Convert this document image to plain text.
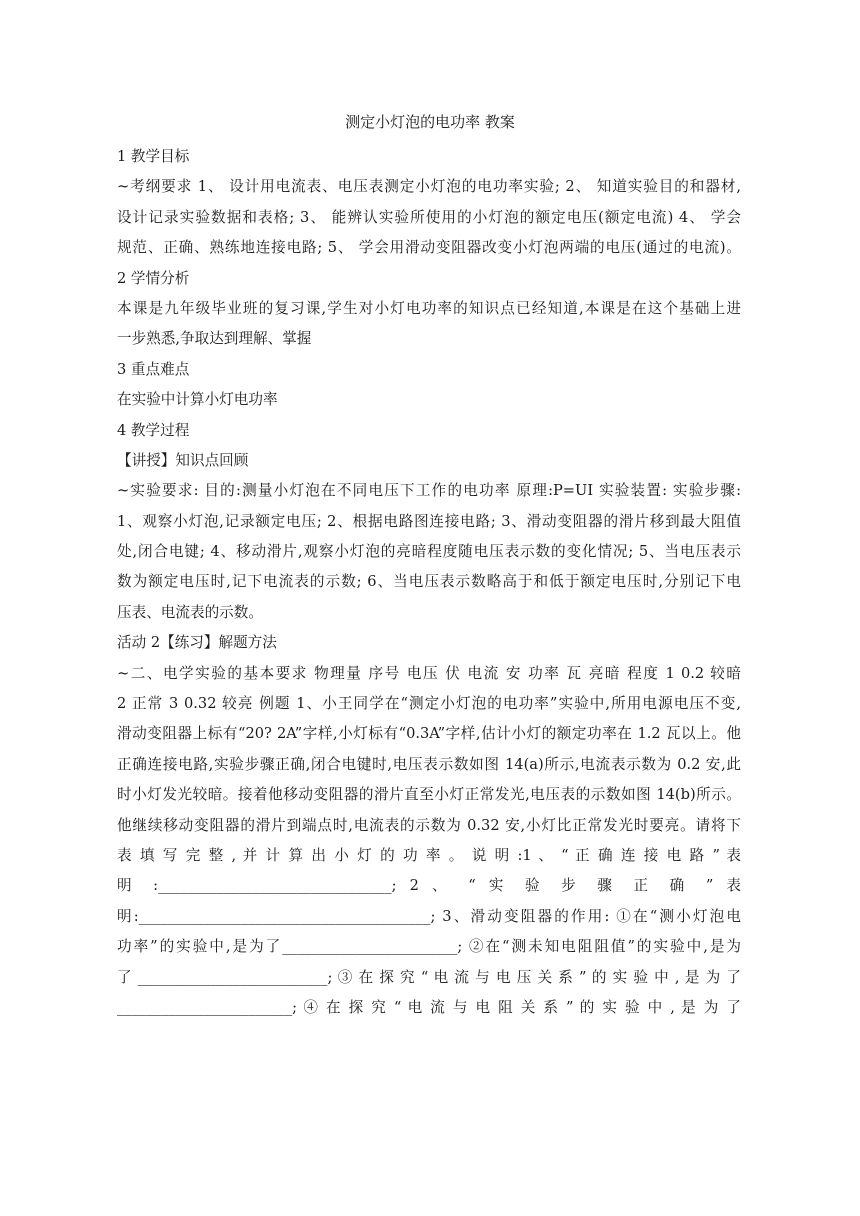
测定小灯泡的电功率 教案
1 教学目标
~考纲要求 1、 设计用电流表、电压表测定小灯泡的电功率实验; 2、 知道实验目的和器材,
设计记录实验数据和表格; 3、 能辨认实验所使用的小灯泡的额定电压(额定电流) 4、 学会
规范、正确、熟练地连接电路; 5、 学会用滑动变阻器改变小灯泡两端的电压(通过的电流)。
2 学情分析
本课是九年级毕业班的复习课,学生对小灯电功率的知识点已经知道,本课是在这个基础上进
一步熟悉,争取达到理解、掌握
3 重点难点
在实验中计算小灯电功率
4 教学过程
【讲授】知识点回顾
~实验要求: 目的:测量小灯泡在不同电压下工作的电功率 原理:P=UI 实验装置: 实验步骤:
1、观察小灯泡,记录额定电压; 2、根据电路图连接电路; 3、滑动变阻器的滑片移到最大阻值
处,闭合电键; 4、移动滑片,观察小灯泡的亮暗程度随电压表示数的变化情况; 5、当电压表示
数为额定电压时,记下电流表的示数; 6、当电压表示数略高于和低于额定电压时,分别记下电
压表、电流表的示数。
活动 2【练习】解题方法
~二、电学实验的基本要求 物理量 序号 电压 伏 电流 安 功率 瓦 亮暗 程度 1 0.2 较暗
2 正常 3 0.32 较亮 例题 1、小王同学在“测定小灯泡的电功率”实验中,所用电源电压不变,
滑动变阻器上标有“20? 2A”字样,小灯标有“0.3A”字样,估计小灯的额定功率在 1.2 瓦以上。他
正确连接电路,实验步骤正确,闭合电键时,电压表示数如图 14(a)所示,电流表示数为 0.2 安,此
时小灯发光较暗。接着他移动变阻器的滑片直至小灯正常发光,电压表的示数如图 14(b)所示。
他继续移动变阻器的滑片到端点时,电流表的示数为 0.32 安,小灯比正常发光时要亮。请将下
表 填 写 完 整 , 并 计 算 出 小 灯 的 功 率 。 说 明 :1 、 “ 正 确 连 接 电 路 ” 表
明 :________________________________; 2 、 “ 实 验 步 骤 正 确 ” 表
明:________________________________________; 3、滑动变阻器的作用: ①在“测小灯泡电
功率”的实验中,是为了________________________; ②在“测未知电阻阻值”的实验中,是为
了 __________________________; ③ 在 探 究 “ 电 流 与 电 压 关 系 ” 的 实 验 中 , 是 为 了
________________________; ④ 在 探 究 “ 电 流 与 电 阻 关 系 ” 的 实 验 中 , 是 为 了
